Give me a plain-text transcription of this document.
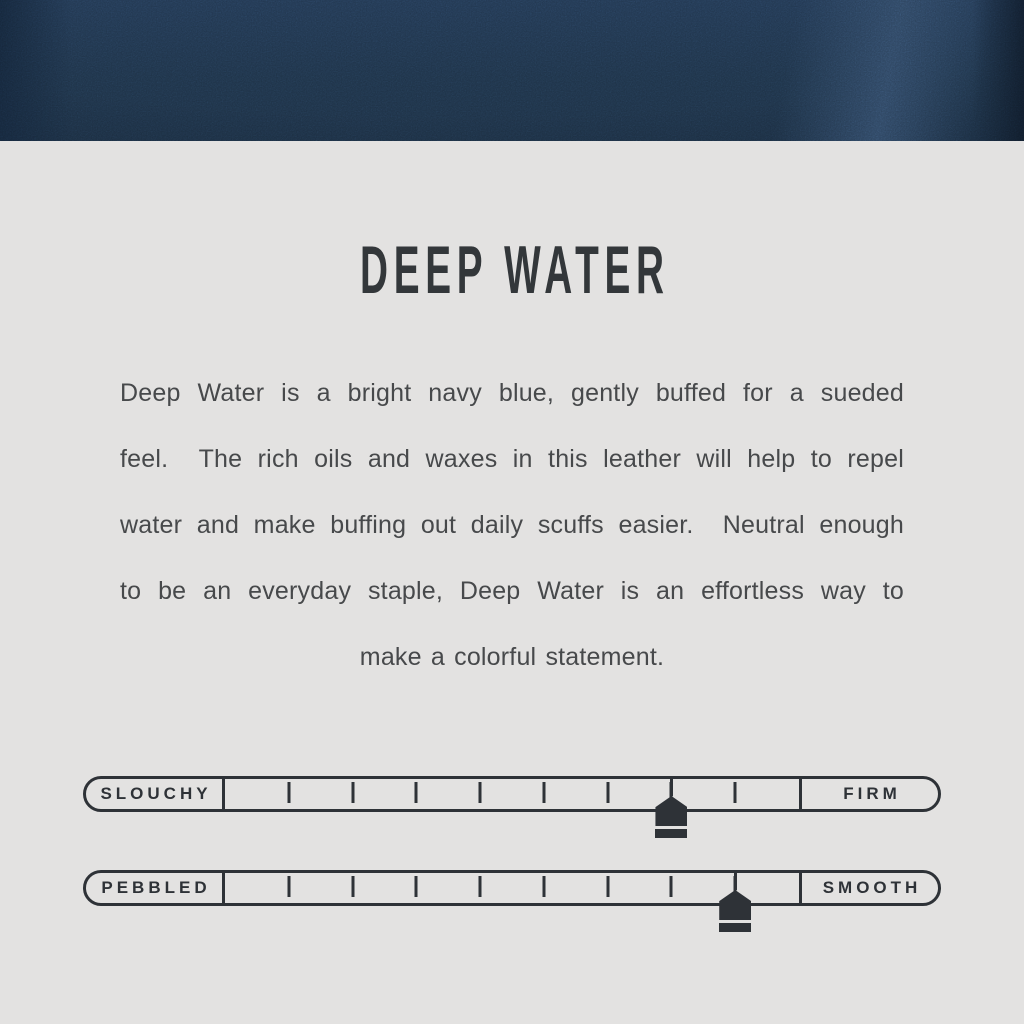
DEEP WATER
Deep Water is a bright navy blue, gently buffed for a sueded
feel.  The rich oils and waxes in this leather will help to repel
water and make buffing out daily scuffs easier.  Neutral enough
to be an everyday staple, Deep Water is an effortless way to
make a colorful statement.
SLOUCHY	FIRM
PEBBLED	SMOOTH
